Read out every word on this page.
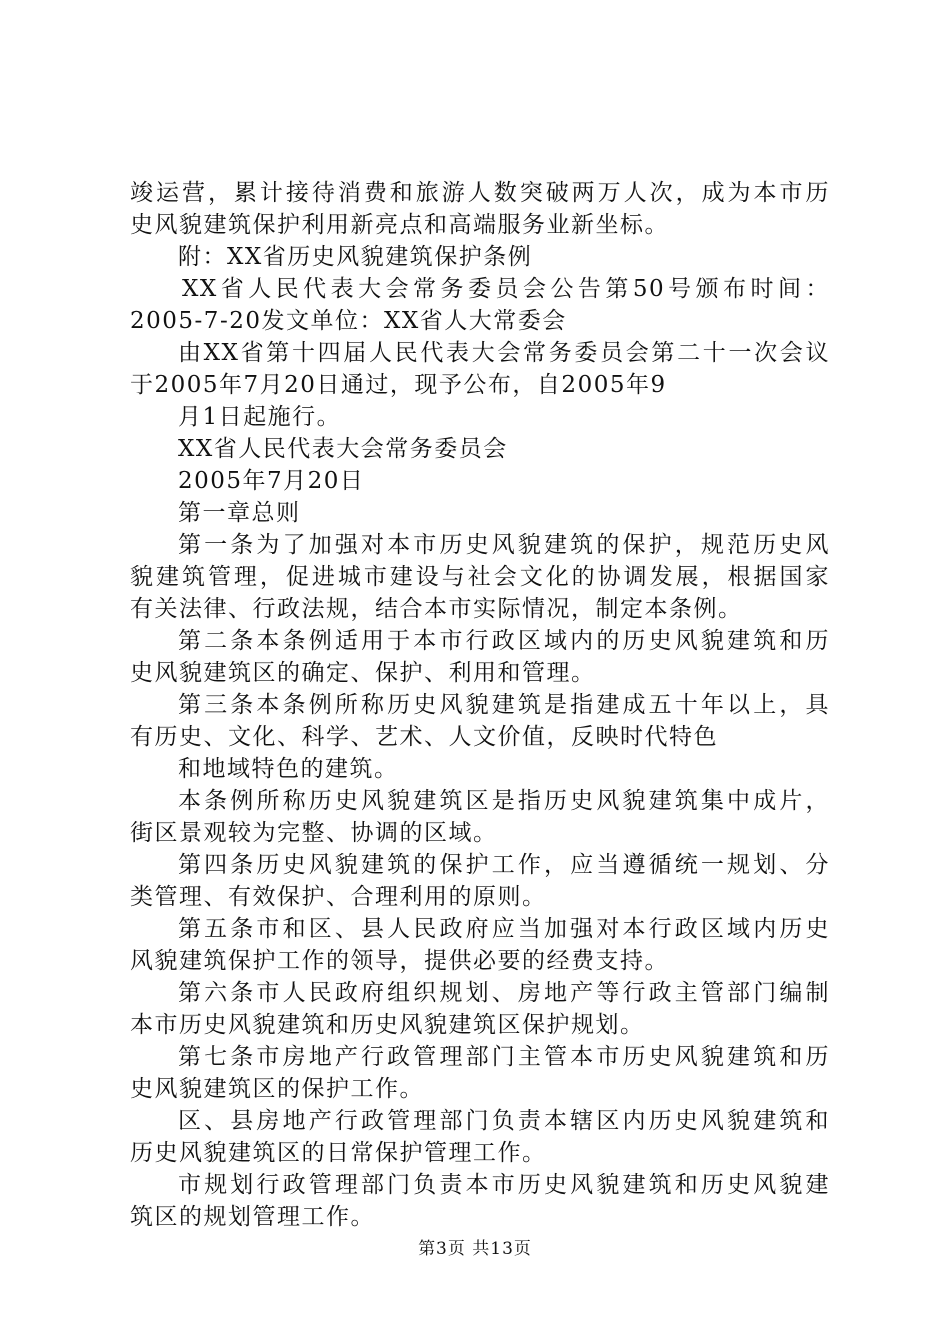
竣运营，累计接待消费和旅游人数突破两万人次，成为本市历
史风貌建筑保护利用新亮点和高端服务业新坐标。
附：XX省历史风貌建筑保护条例
XX省人民代表大会常务委员会公告第50号颁布时间：
2005-7-20发文单位：XX省人大常委会
由XX省第十四届人民代表大会常务委员会第二十一次会议
于2005年7月20日通过，现予公布，自2005年9
月1日起施行。
XX省人民代表大会常务委员会
2005年7月20日
第一章总则
第一条为了加强对本市历史风貌建筑的保护，规范历史风
貌建筑管理，促进城市建设与社会文化的协调发展，根据国家
有关法律、行政法规，结合本市实际情况，制定本条例。
第二条本条例适用于本市行政区域内的历史风貌建筑和历
史风貌建筑区的确定、保护、利用和管理。
第三条本条例所称历史风貌建筑是指建成五十年以上，具
有历史、文化、科学、艺术、人文价值，反映时代特色
和地域特色的建筑。
本条例所称历史风貌建筑区是指历史风貌建筑集中成片，
街区景观较为完整、协调的区域。
第四条历史风貌建筑的保护工作，应当遵循统一规划、分
类管理、有效保护、合理利用的原则。
第五条市和区、县人民政府应当加强对本行政区域内历史
风貌建筑保护工作的领导，提供必要的经费支持。
第六条市人民政府组织规划、房地产等行政主管部门编制
本市历史风貌建筑和历史风貌建筑区保护规划。
第七条市房地产行政管理部门主管本市历史风貌建筑和历
史风貌建筑区的保护工作。
区、县房地产行政管理部门负责本辖区内历史风貌建筑和
历史风貌建筑区的日常保护管理工作。
市规划行政管理部门负责本市历史风貌建筑和历史风貌建
筑区的规划管理工作。
第3页 共13页
